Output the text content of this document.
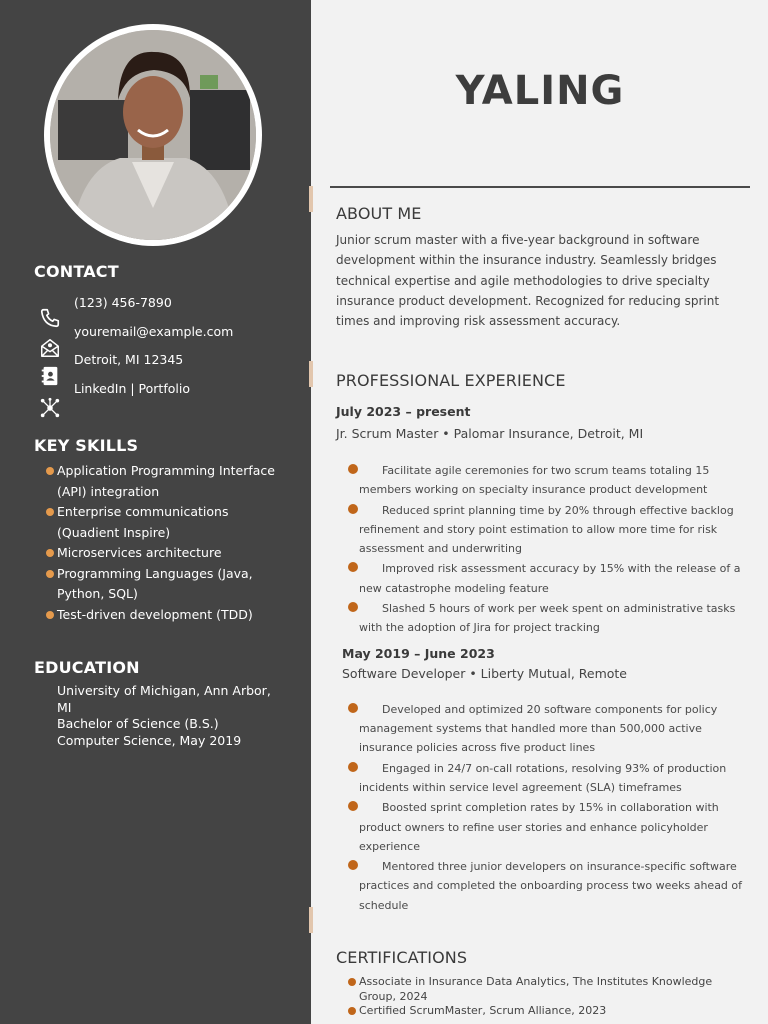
CONTACT
(123) 456-7890
youremail@example.com
Detroit, MI 12345
LinkedIn | Portfolio
KEY SKILLS
Application Programming Interface (API) integration
Enterprise communications (Quadient Inspire)
Microservices architecture
Programming Languages (Java, Python, SQL)
Test-driven development (TDD)
EDUCATION
University of Michigan, Ann Arbor, MI
Bachelor of Science (B.S.) Computer Science, May 2019
YALING
ABOUT ME

Junior scrum master with a five-year background in software development within the insurance industry. Seamlessly bridges technical expertise and agile methodologies to drive specialty insurance product development. Recognized for reducing sprint times and improving risk assessment accuracy.

PROFESSIONAL EXPERIENCE
July 2023 – present
Jr. Scrum Master • Palomar Insurance, Detroit, MI
Facilitate agile ceremonies for two scrum teams totaling 15 members working on specialty insurance product development
Reduced sprint planning time by 20% through effective backlog refinement and story point estimation to allow more time for risk assessment and underwriting
Improved risk assessment accuracy by 15% with the release of a new catastrophe modeling feature
Slashed 5 hours of work per week spent on administrative tasks with the adoption of Jira for project tracking
May 2019 – June 2023
Software Developer • Liberty Mutual, Remote
Developed and optimized 20 software components for policy management systems that handled more than 500,000 active insurance policies across five product lines
Engaged in 24/7 on-call rotations, resolving 93% of production incidents within service level agreement (SLA) timeframes
Boosted sprint completion rates by 15% in collaboration with product owners to refine user stories and enhance policyholder experience
Mentored three junior developers on insurance-specific software practices and completed the onboarding process two weeks ahead of schedule
CERTIFICATIONS
Associate in Insurance Data Analytics, The Institutes Knowledge Group, 2024
Certified ScrumMaster, Scrum Alliance, 2023
